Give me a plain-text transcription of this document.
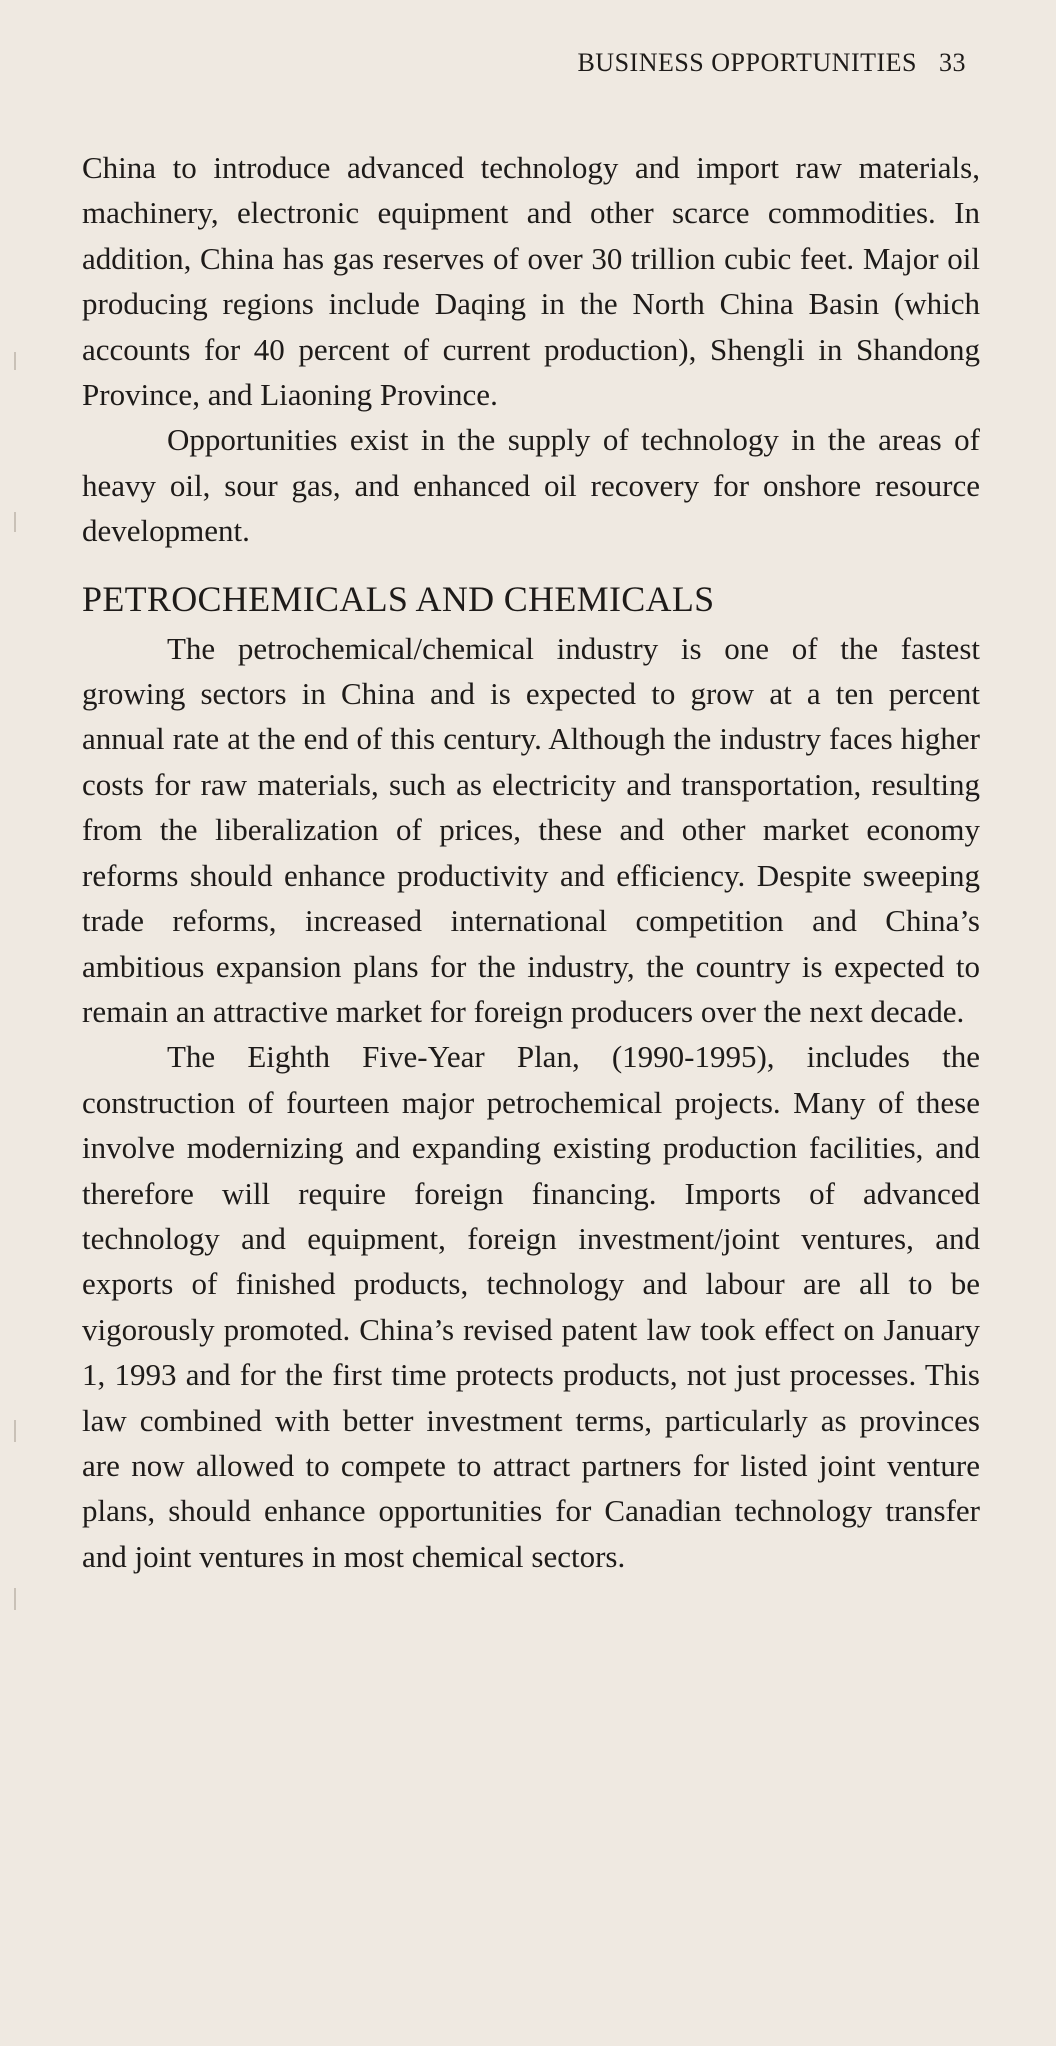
BUSINESS OPPORTUNITIES 33

China to introduce advanced technology and import raw materials, machinery, electronic equipment and other scarce commodities. In addition, China has gas reserves of over 30 trillion cubic feet. Major oil producing regions include Daqing in the North China Basin (which accounts for 40 percent of current production), Shengli in Shandong Province, and Liaoning Province.

Opportunities exist in the supply of technology in the areas of heavy oil, sour gas, and enhanced oil recovery for onshore resource development.

PETROCHEMICALS AND CHEMICALS

The petrochemical/chemical industry is one of the fastest growing sectors in China and is expected to grow at a ten percent annual rate at the end of this century. Although the industry faces higher costs for raw materials, such as electricity and transportation, resulting from the liberalization of prices, these and other market economy reforms should enhance productivity and efficiency. Despite sweeping trade reforms, increased international competition and China’s ambitious expansion plans for the industry, the country is expected to remain an attractive market for foreign producers over the next decade.

The Eighth Five-Year Plan, (1990-1995), includes the construction of fourteen major petrochemical projects. Many of these involve modernizing and expanding existing production facilities, and therefore will require foreign financing. Imports of advanced technology and equipment, foreign investment/joint ventures, and exports of finished products, technology and labour are all to be vigorously promoted. China’s revised patent law took effect on January 1, 1993 and for the first time protects products, not just processes. This law combined with better investment terms, particularly as provinces are now allowed to compete to attract partners for listed joint venture plans, should enhance opportunities for Canadian technology transfer and joint ventures in most chemical sectors.
